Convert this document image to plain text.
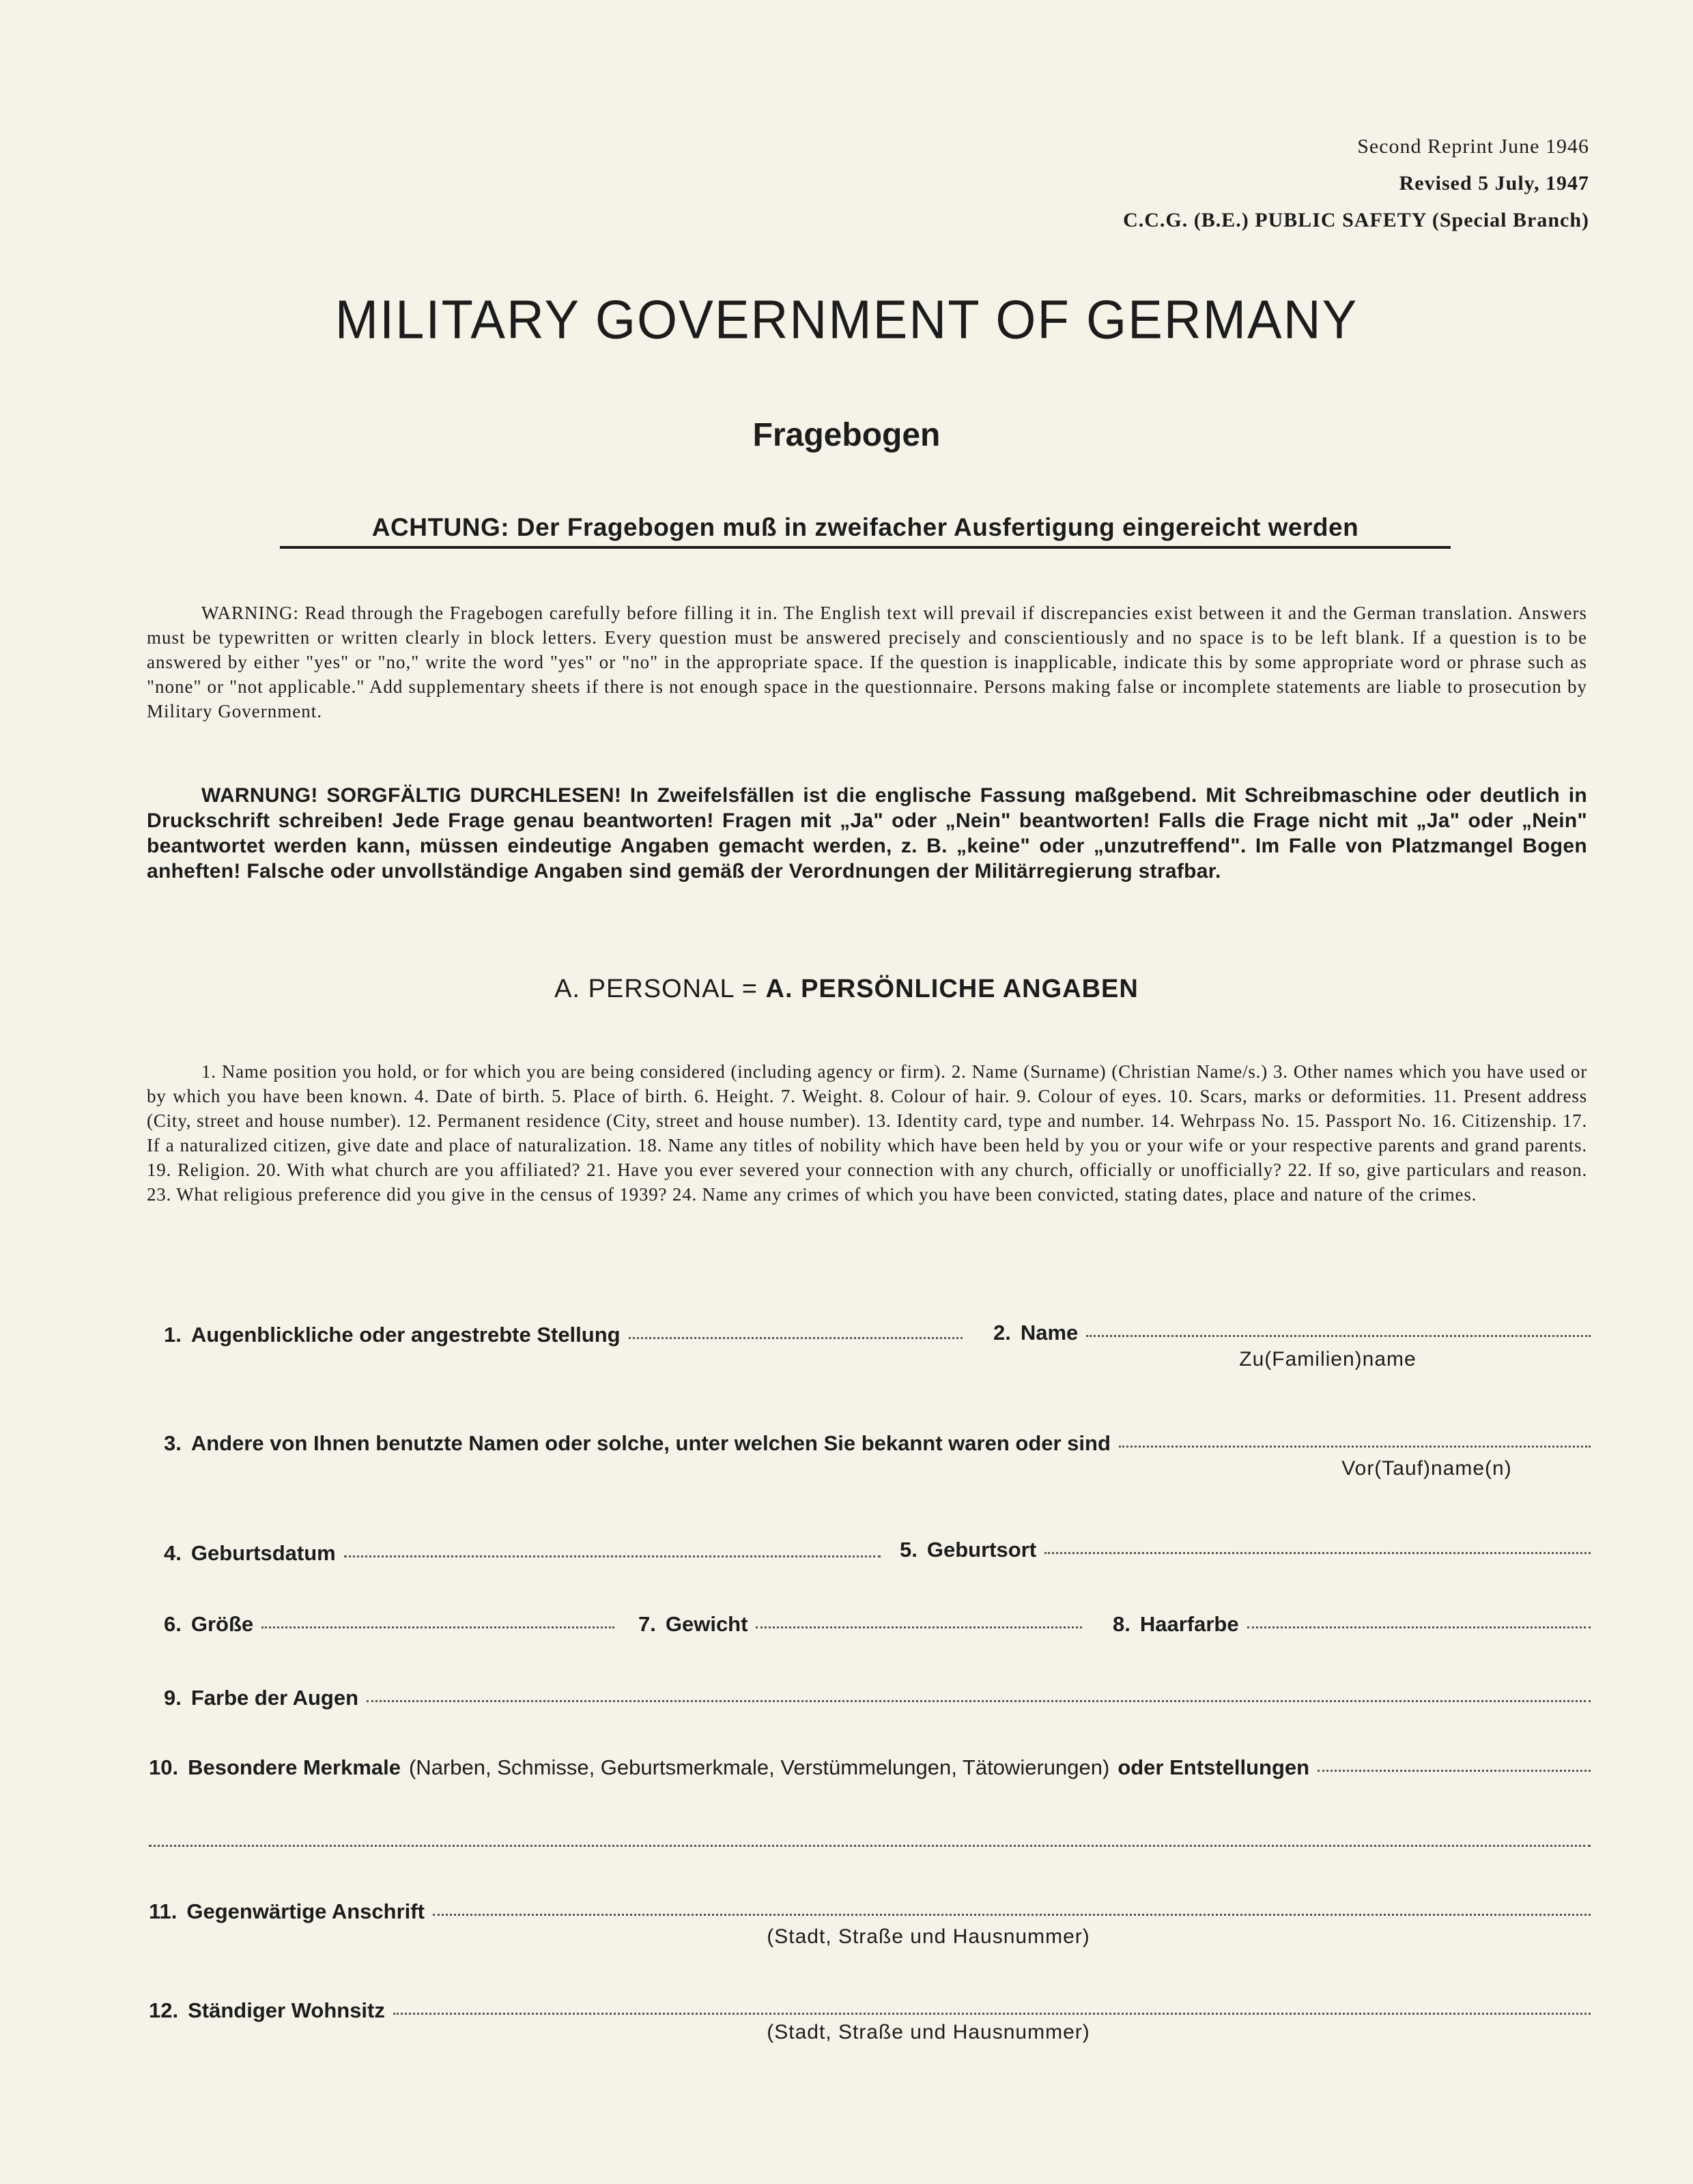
Second Reprint June 1946
Revised 5 July, 1947
C.C.G. (B.E.) PUBLIC SAFETY (Special Branch)
MILITARY GOVERNMENT OF GERMANY
Fragebogen
ACHTUNG: Der Fragebogen muß in zweifacher Ausfertigung eingereicht werden
WARNING: Read through the Fragebogen carefully before filling it in. The English text will prevail if discrepancies exist between it and the German translation. Answers must be typewritten or written clearly in block letters. Every question must be answered precisely and conscientiously and no space is to be left blank. If a question is to be answered by either "yes" or "no," write the word "yes" or "no" in the appropriate space. If the question is inapplicable, indicate this by some appropriate word or phrase such as "none" or "not applicable." Add supplementary sheets if there is not enough space in the questionnaire. Persons making false or incomplete statements are liable to prosecution by Military Government.
WARNUNG! SORGFÄLTIG DURCHLESEN! In Zweifelsfällen ist die englische Fassung maßgebend. Mit Schreibmaschine oder deutlich in Druckschrift schreiben! Jede Frage genau beantworten! Fragen mit „Ja" oder „Nein" beantworten! Falls die Frage nicht mit „Ja" oder „Nein" beantwortet werden kann, müssen eindeutige Angaben gemacht werden, z. B. „keine" oder „unzutreffend". Im Falle von Platzmangel Bogen anheften! Falsche oder unvollständige Angaben sind gemäß der Verordnungen der Militärregierung strafbar.
A. PERSONAL = A. PERSÖNLICHE ANGABEN
1. Name position you hold, or for which you are being considered (including agency or firm). 2. Name (Surname) (Christian Name/s.) 3. Other names which you have used or by which you have been known. 4. Date of birth. 5. Place of birth. 6. Height. 7. Weight. 8. Colour of hair. 9. Colour of eyes. 10. Scars, marks or deformities. 11. Present address (City, street and house number). 12. Permanent residence (City, street and house number). 13. Identity card, type and number. 14. Wehrpass No. 15. Passport No. 16. Citizenship. 17. If a naturalized citizen, give date and place of naturalization. 18. Name any titles of nobility which have been held by you or your wife or your respective parents and grand parents. 19. Religion. 20. With what church are you affiliated? 21. Have you ever severed your connection with any church, officially or unofficially? 22. If so, give particulars and reason. 23. What religious preference did you give in the census of 1939? 24. Name any crimes of which you have been convicted, stating dates, place and nature of the crimes.
1. Augenblickliche oder angestrebte Stellung	2. Name
Zu(Familien)name
3. Andere von Ihnen benutzte Namen oder solche, unter welchen Sie bekannt waren oder sind
Vor(Tauf)name(n)
4. Geburtsdatum	5. Geburtsort
6. Größe	7. Gewicht	8. Haarfarbe
9. Farbe der Augen
10. Besondere Merkmale (Narben, Schmisse, Geburtsmerkmale, Verstümmelungen, Tätowierungen) oder Entstellungen
11. Gegenwärtige Anschrift
(Stadt, Straße und Hausnummer)
12. Ständiger Wohnsitz
(Stadt, Straße und Hausnummer)
